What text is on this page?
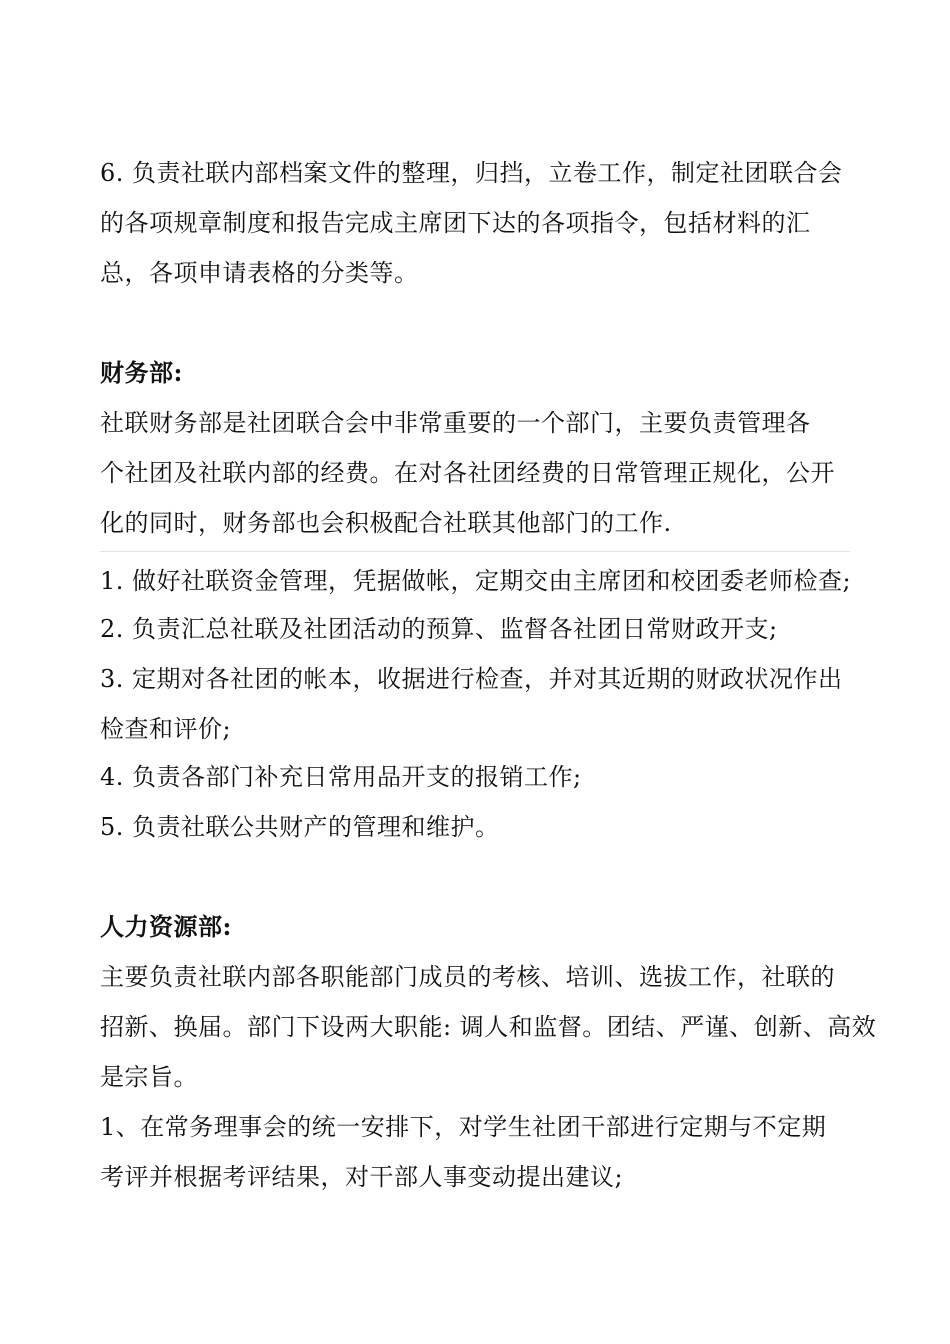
6. 负责社联内部档案文件的整理，归挡，立卷工作，制定社团联合会
的各项规章制度和报告完成主席团下达的各项指令，包括材料的汇
总，各项申请表格的分类等。
财务部:
社联财务部是社团联合会中非常重要的一个部门，主要负责管理各
个社团及社联内部的经费。在对各社团经费的日常管理正规化，公开
化的同时，财务部也会积极配合社联其他部门的工作.
1. 做好社联资金管理，凭据做帐，定期交由主席团和校团委老师检查;
2. 负责汇总社联及社团活动的预算、监督各社团日常财政开支;
3. 定期对各社团的帐本，收据进行检查，并对其近期的财政状况作出
检查和评价;
4. 负责各部门补充日常用品开支的报销工作;
5. 负责社联公共财产的管理和维护。
人力资源部:
主要负责社联内部各职能部门成员的考核、培训、选拔工作，社联的
招新、换届。部门下设两大职能: 调人和监督。团结、严谨、创新、高效
是宗旨。
1、在常务理事会的统一安排下，对学生社团干部进行定期与不定期
考评并根据考评结果，对干部人事变动提出建议;
